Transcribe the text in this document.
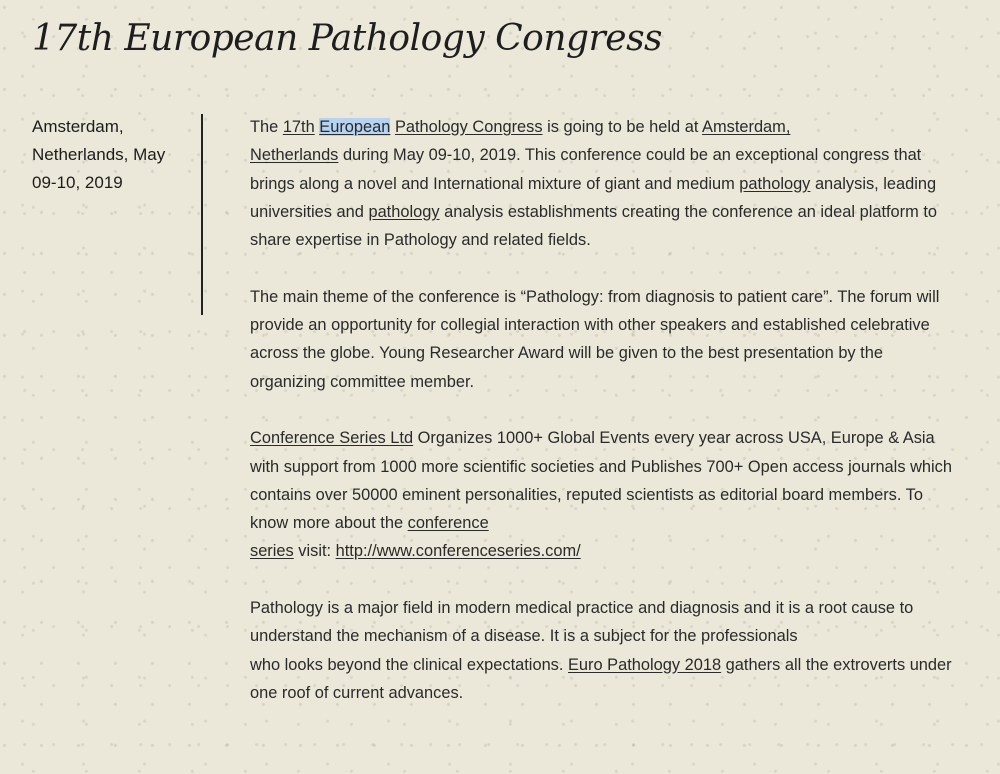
17th European Pathology Congress
Amsterdam,
Netherlands, May
09-10, 2019

The 17th European Pathology Congress is going to be held at Amsterdam,
Netherlands during May 09-10, 2019. This conference could be an exceptional congress that brings along a novel and International mixture of giant and medium pathology analysis, leading universities and pathology analysis establishments creating the conference an ideal platform to share expertise in Pathology and related fields.

The main theme of the conference is “Pathology: from diagnosis to patient care”. The forum will provide an opportunity for collegial interaction with other speakers and established celebrative across the globe. Young Researcher Award will be given to the best presentation by the organizing committee member.

Conference Series Ltd Organizes 1000+ Global Events every year across USA, Europe & Asia with support from 1000 more scientific societies and Publishes 700+ Open access journals which contains over 50000 eminent personalities, reputed scientists as editorial board members. To know more about the conference
series visit: http://www.conferenceseries.com/

Pathology is a major field in modern medical practice and diagnosis and it is a root cause to understand the mechanism of a disease. It is a subject for the professionals
who looks beyond the clinical expectations. Euro Pathology 2018 gathers all the extroverts under one roof of current advances.
